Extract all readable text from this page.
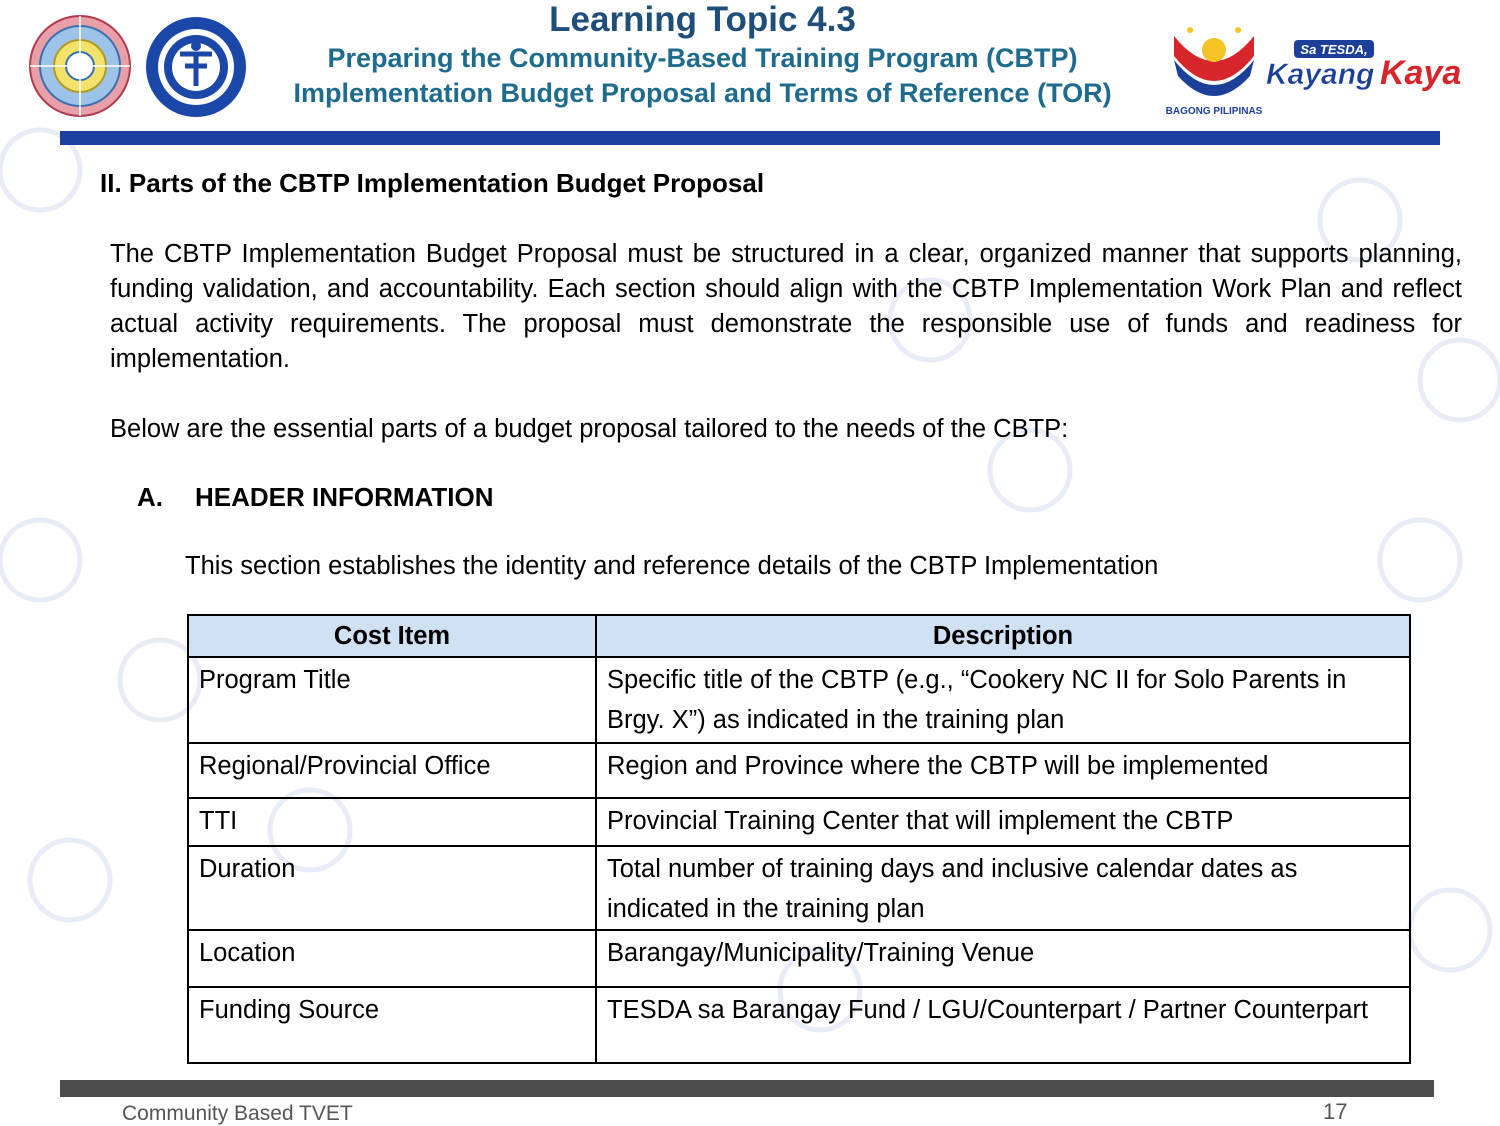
BAGONG PILIPINAS
Sa TESDA,
Kayang Kaya
Learning Topic 4.3
Preparing the Community-Based Training Program (CBTP)
Implementation Budget Proposal and Terms of Reference (TOR)
II. Parts of the CBTP Implementation Budget Proposal

The CBTP Implementation Budget Proposal must be structured in a clear, organized manner that supports planning, funding validation, and accountability. Each section should align with the CBTP Implementation Work Plan and reflect actual activity requirements. The proposal must demonstrate the responsible use of funds and readiness for implementation.

Below are the essential parts of a budget proposal tailored to the needs of the CBTP:

A. HEADER INFORMATION
This section establishes the identity and reference details of the CBTP Implementation
Cost Item	Description
Program Title	Specific title of the CBTP (e.g., “Cookery NC II for Solo Parents in Brgy. X”) as indicated in the training plan
Regional/Provincial Office	Region and Province where the CBTP will be implemented
TTI	Provincial Training Center that will implement the CBTP
Duration	Total number of training days and inclusive calendar dates as indicated in the training plan
Location	Barangay/Municipality/Training Venue
Funding Source	TESDA sa Barangay Fund / LGU/Counterpart / Partner Counterpart
Community Based TVET	17
